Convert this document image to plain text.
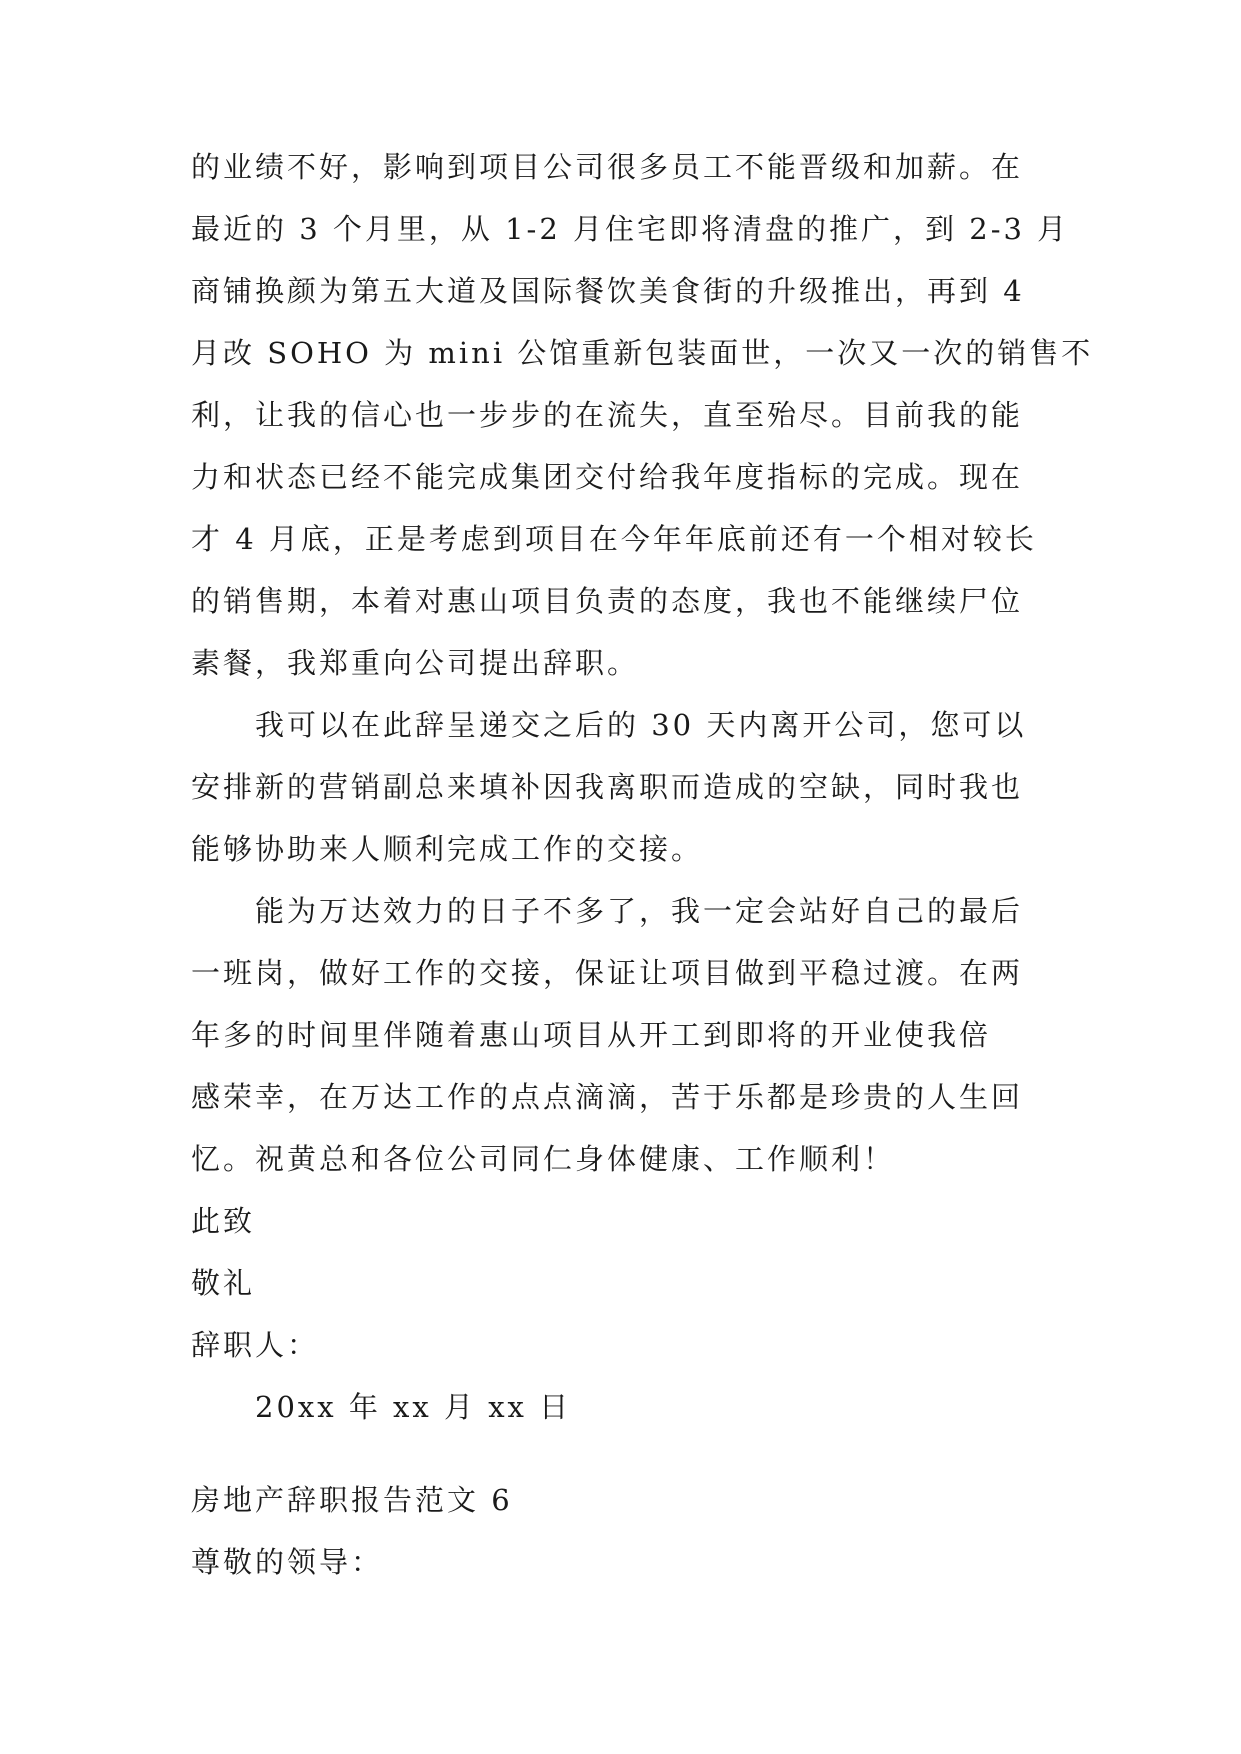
的业绩不好，影响到项目公司很多员工不能晋级和加薪。在
最近的 3 个月里，从 1-2 月住宅即将清盘的推广，到 2-3 月
商铺换颜为第五大道及国际餐饮美食街的升级推出，再到 4
月改 SOHO 为 mini 公馆重新包装面世，一次又一次的销售不
利，让我的信心也一步步的在流失，直至殆尽。目前我的能
力和状态已经不能完成集团交付给我年度指标的完成。现在
才 4 月底，正是考虑到项目在今年年底前还有一个相对较长
的销售期，本着对惠山项目负责的态度，我也不能继续尸位
素餐，我郑重向公司提出辞职。
我可以在此辞呈递交之后的 30 天内离开公司，您可以
安排新的营销副总来填补因我离职而造成的空缺，同时我也
能够协助来人顺利完成工作的交接。
能为万达效力的日子不多了，我一定会站好自己的最后
一班岗，做好工作的交接，保证让项目做到平稳过渡。在两
年多的时间里伴随着惠山项目从开工到即将的开业使我倍
感荣幸，在万达工作的点点滴滴，苦于乐都是珍贵的人生回
忆。祝黄总和各位公司同仁身体健康、工作顺利！
此致
敬礼
辞职人：
20xx 年 xx 月 xx 日
房地产辞职报告范文 6
尊敬的领导：
